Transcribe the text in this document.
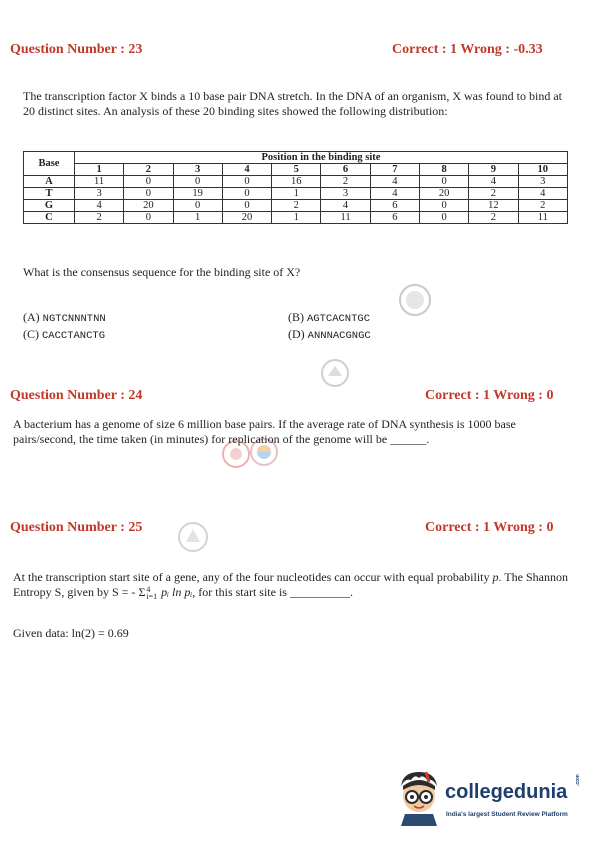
Question Number : 23	Correct : 1 Wrong : -0.33
The transcription factor X binds a 10 base pair DNA stretch. In the DNA of an organism, X was found to bind at 20 distinct sites. An analysis of these 20 binding sites showed the following distribution:
Base	Position in the binding site									
	1	2	3	4	5	6	7	8	9	10
A	11	0	0	0	16	2	4	0	4	3
T	3	0	19	0	1	3	4	20	2	4
G	4	20	0	0	2	4	6	0	12	2
C	2	0	1	20	1	11	6	0	2	11
What is the consensus sequence for the binding site of X?
(A) NGTCNNNTNN
(C) CACCTANCTG
(B) AGTCACNTGC
(D) ANNNACGNGC
Question Number : 24	Correct : 1 Wrong : 0
A bacterium has a genome of size 6 million base pairs. If the average rate of DNA synthesis is 1000 base pairs/second, the time taken (in minutes) for replication of the genome will be ______.
Question Number : 25	Correct : 1 Wrong : 0
At the transcription start site of a gene, any of the four nucleotides can occur with equal probability p. The Shannon Entropy S, given by S = - Σ 4
i=1 pᵢ ln pᵢ, for this start site is __________.
Given data: ln(2) = 0.69
collegedunia
.com
India's largest Student Review Platform
